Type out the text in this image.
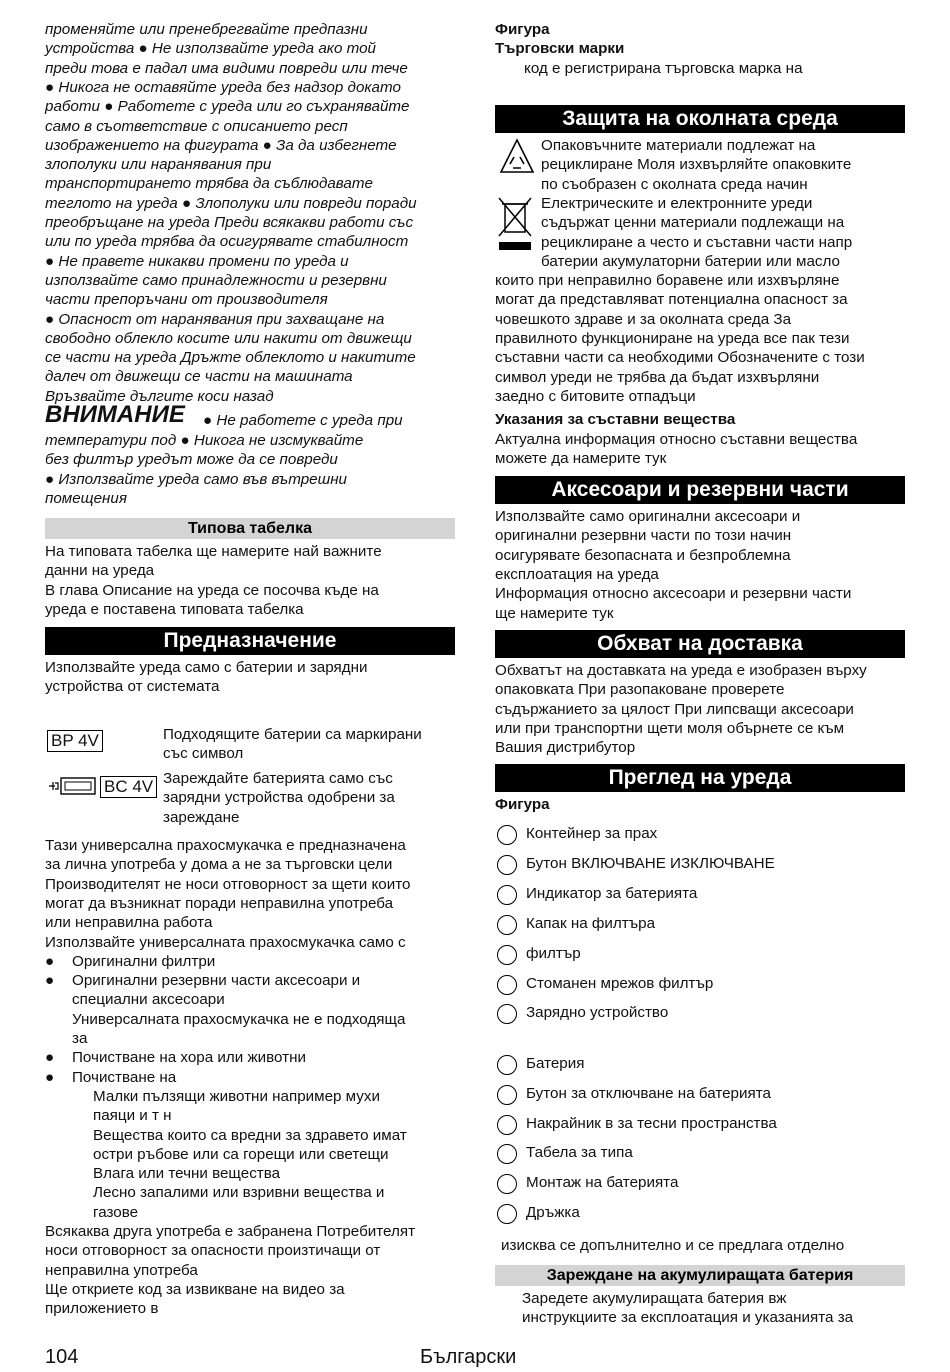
променяйте или пренебрегвайте предпазни
устройства ● Не използвайте уреда ако той
преди това е падал има видими повреди или тече
● Никога не оставяйте уреда без надзор докато
работи ● Работете с уреда или го съхранявайте
само в съответствие с описанието респ
изображението на фигурата ● За да избегнете
злополуки или наранявания при
транспортирането трябва да съблюдавате
теглото на уреда ● Злополуки или повреди поради
преобръщане на уреда Преди всякакви работи със
или по уреда трябва да осигурявате стабилност
● Не правете никакви промени по уреда и
използвайте само принадлежности и резервни
части препоръчани от производителя
● Опасност от наранявания при захващане на
свободно облекло косите или накити от движещи
се части на уреда Дръжте облеклото и накитите
далеч от движещи се части на машината
Връзвайте дългите коси назад
ВНИМАНИЕ ● Не работете с уреда при
температури под ● Никога не изсмуквайте
без филтър уредът може да се повреди
● Използвайте уреда само във вътрешни
помещения
Типова табелка
На типовата табелка ще намерите най важните
данни на уреда
В глава Описание на уреда се посочва къде на
уреда е поставена типовата табелка
Предназначение
Използвайте уреда само с батерии и зарядни
устройства от системата
BP 4V	Подходящите батерии са маркирани
със символ
BC 4V Зареждайте батерията само със
зарядни устройства одобрени за
зареждане
Тази универсална прахосмукачка е предназначена
за лична употреба у дома а не за търговски цели
Производителят не носи отговорност за щети които
могат да възникнат поради неправилна употреба
или неправилна работа
Използвайте универсалната прахосмукачка само с
● Оригинални филтри
● Оригинални резервни части аксесоари и
специални аксесоари
Универсалната прахосмукачка не е подходяща
за
● Почистване на хора или животни
● Почистване на
Малки пълзящи животни например мухи
паяци и т н
Вещества които са вредни за здравето имат
остри ръбове или са горещи или светещи
Влага или течни вещества
Лесно запалими или взривни вещества и
газове
Всякаква друга употреба е забранена Потребителят
носи отговорност за опасности произтичащи от
неправилна употреба
Ще откриете код за извикване на видео за
приложението в
Фигура
Търговски марки
код е регистрирана търговска марка на
Защита на околната среда
Опаковъчните материали подлежат на
рециклиране Моля изхвърляйте опаковките
по съобразен с околната среда начин
Електрическите и електронните уреди
съдържат ценни материали подлежащи на
рециклиране а често и съставни части напр
батерии акумулаторни батерии или масло
които при неправилно боравене или изхвърляне
могат да представляват потенциална опасност за
човешкото здраве и за околната среда За
правилното функциониране на уреда все пак тези
съставни части са необходими Обозначените с този
символ уреди не трябва да бъдат изхвърляни
заедно с битовите отпадъци
Указания за съставни вещества
Актуална информация относно съставни вещества
можете да намерите тук
Аксесоари и резервни части
Използвайте само оригинални аксесоари и
оригинални резервни части по този начин
осигурявате безопасната и безпроблемна
експлоатация на уреда
Информация относно аксесоари и резервни части
ще намерите тук
Обхват на доставка
Обхватът на доставката на уреда е изобразен върху
опаковката При разопаковане проверете
съдържанието за цялост При липсващи аксесоари
или при транспортни щети моля обърнете се към
Вашия дистрибутор
Преглед на уреда
Фигура
Контейнер за прах
Бутон ВКЛЮЧВАНЕ ИЗКЛЮЧВАНЕ
Индикатор за батерията
Капак на филтъра
филтър
Стоманен мрежов филтър
Зарядно устройство
Батерия
Бутон за отключване на батерията
Накрайник в за тесни пространства
Табела за типа
Монтаж на батерията
Дръжка
изисква се допълнително и се предлага отделно
Зареждане на акумулиращата батерия
Заредете акумулиращата батерия вж
инструкциите за експлоатация и указанията за
104	Български
